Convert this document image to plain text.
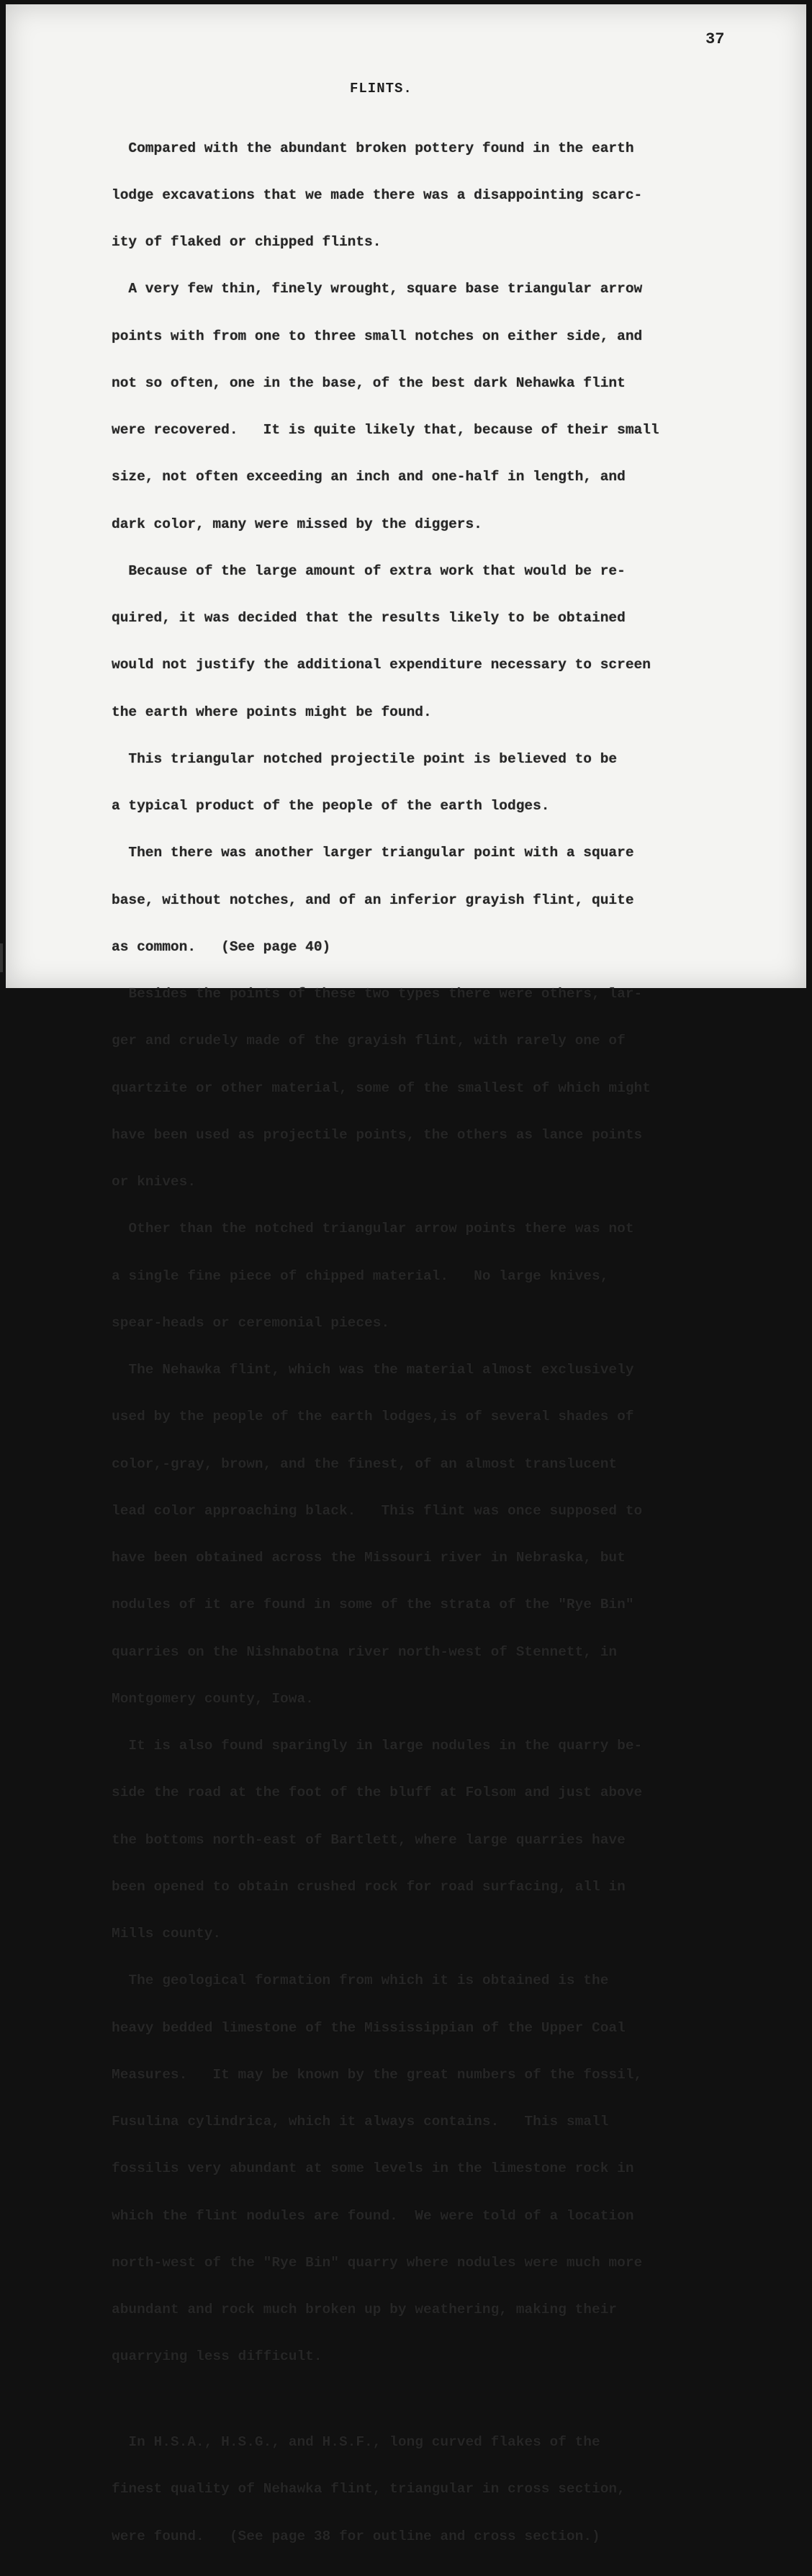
37
FLINTS.

Compared with the abundant broken pottery found in the earth

lodge excavations that we made there was a disappointing scarc-

ity of flaked or chipped flints.

A very few thin, finely wrought, square base triangular arrow

points with from one to three small notches on either side, and

not so often, one in the base, of the best dark Nehawka flint

were recovered.   It is quite likely that, because of their small

size, not often exceeding an inch and one-half in length, and

dark color, many were missed by the diggers.

Because of the large amount of extra work that would be re-

quired, it was decided that the results likely to be obtained

would not justify the additional expenditure necessary to screen

the earth where points might be found.

This triangular notched projectile point is believed to be

a typical product of the people of the earth lodges.

Then there was another larger triangular point with a square

base, without notches, and of an inferior grayish flint, quite

as common.   (See page 40)

Besides the points of these two types there were others, lar-

ger and crudely made of the grayish flint, with rarely one of

quartzite or other material, some of the smallest of which might

have been used as projectile points, the others as lance points

or knives.

Other than the notched triangular arrow points there was not

a single fine piece of chipped material.   No large knives,

spear-heads or ceremonial pieces.

The Nehawka flint, which was the material almost exclusively

used by the people of the earth lodges,is of several shades of

color,-gray, brown, and the finest, of an almost translucent

lead color approaching black.   This flint was once supposed to

have been obtained across the Missouri river in Nebraska, but

nodules of it are found in some of the strata of the "Rye Bin"

quarries on the Nishnabotna river north-west of Stennett, in

Montgomery county, Iowa.

It is also found sparingly in large nodules in the quarry be-

side the road at the foot of the bluff at Folsom and just above

the bottoms north-east of Bartlett, where large quarries have

been opened to obtain crushed rock for road surfacing, all in

Mills county.

The geological formation from which it is obtained is the

heavy bedded limestone of the Mississippian of the Upper Coal

Measures.   It may be known by the great numbers of the fossil,

Fusulina cylindrica, which it always contains.   This small

fossilis very abundant at some levels in the limestone rock in

which the flint nodules are found.  We were told of a location

north-west of the "Rye Bin" quarry where nodules were much more

abundant and rock much broken up by weathering, making their

quarrying less difficult.

In H.S.A., H.S.G., and H.S.F., long curved flakes of the

finest quality of Nehawka flint, triangular in cross section,

were found.   (See page 38 for outline and cross section.)
